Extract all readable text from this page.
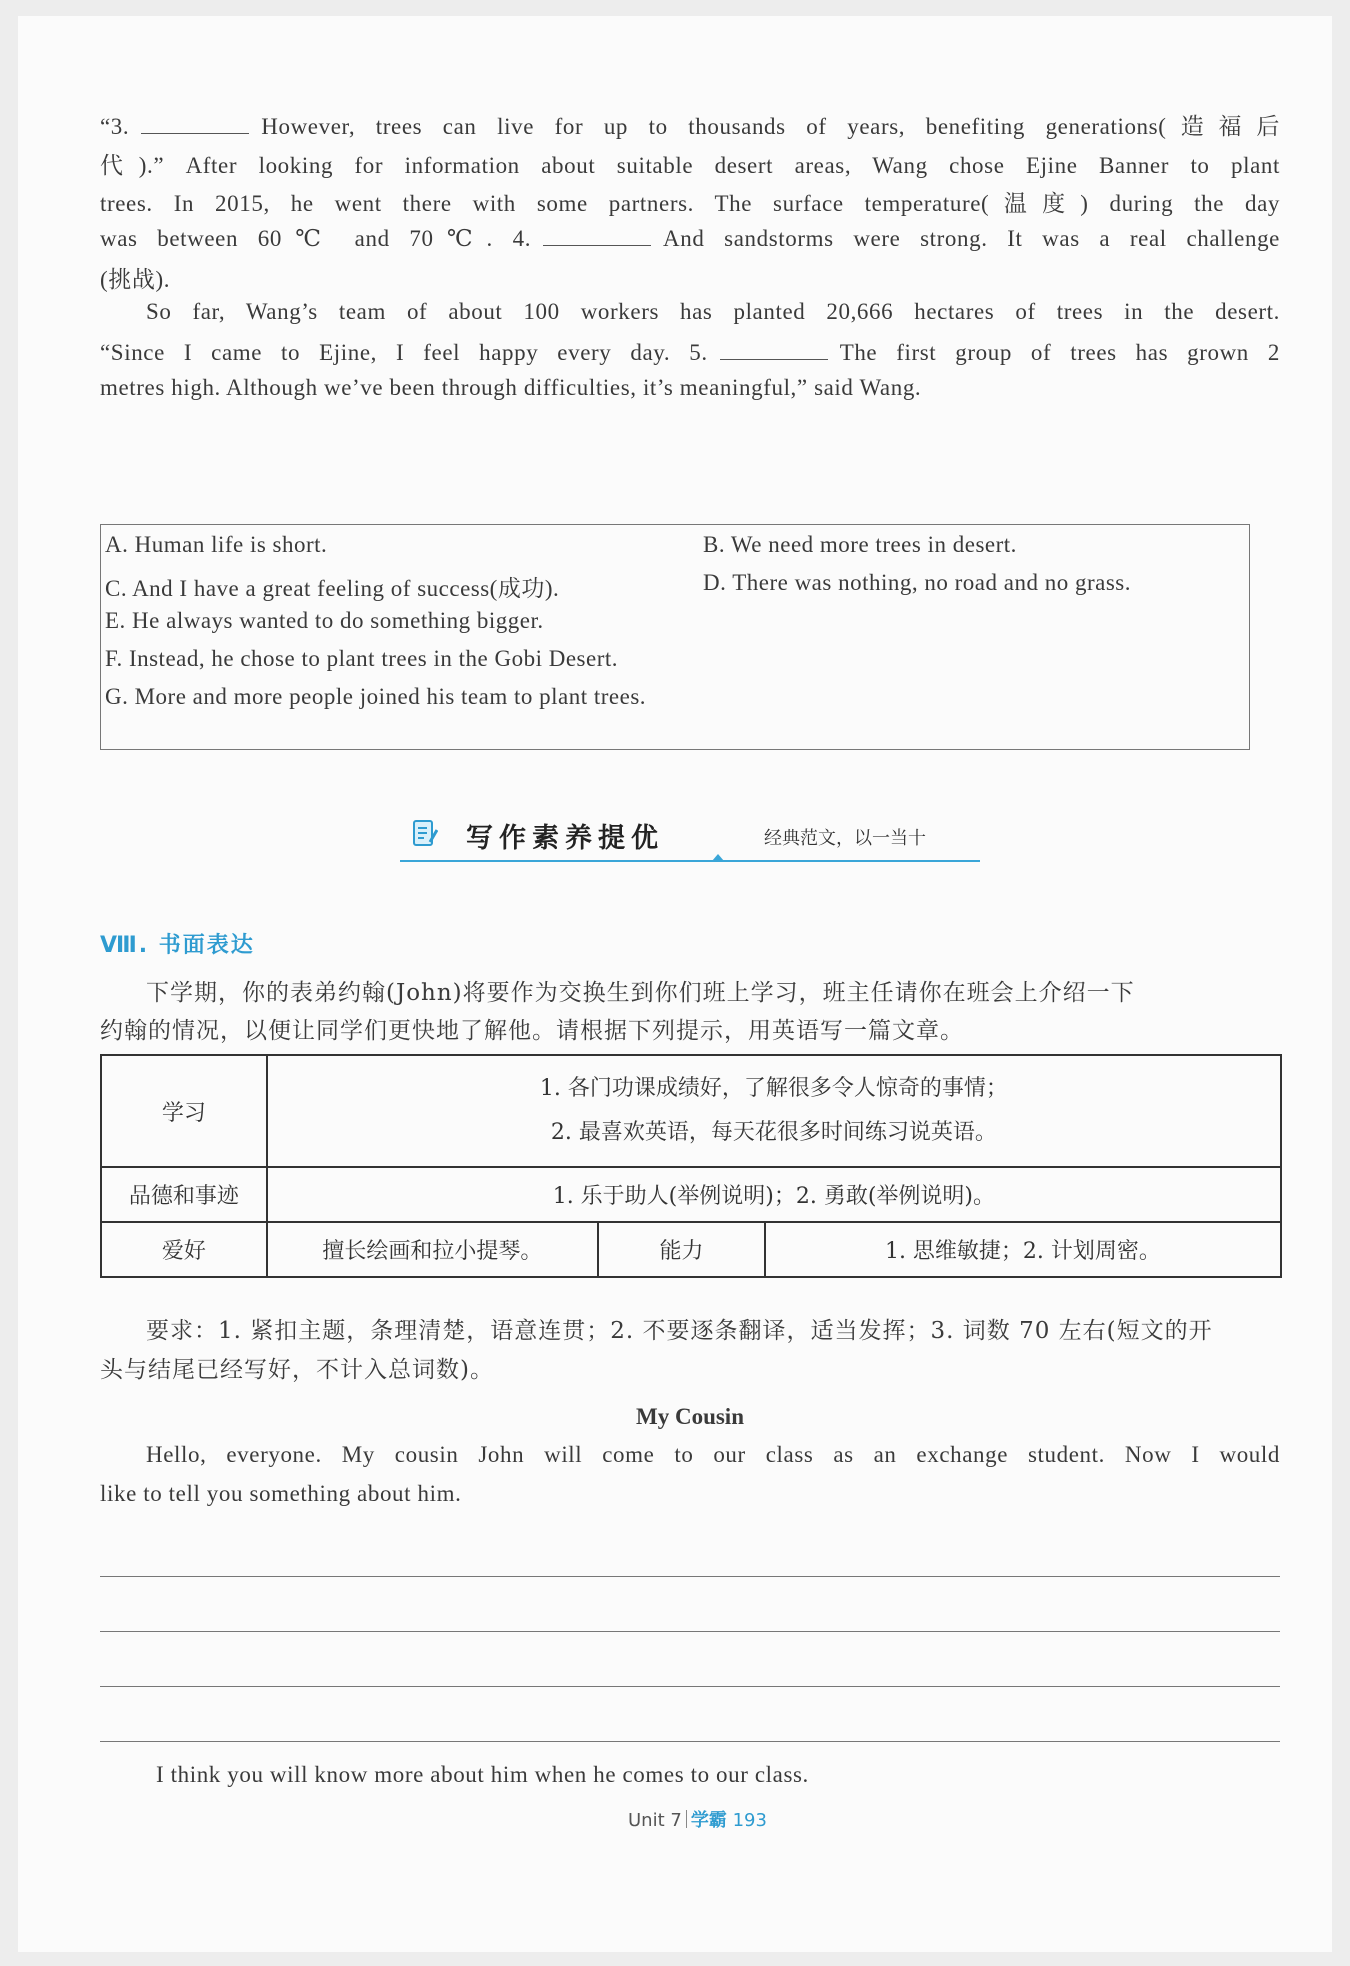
“3.	However, trees can live for up to thousands of years, benefiting generations(造福后
代).” After looking for information about suitable desert areas, Wang chose Ejine Banner to plant
trees. In 2015, he went there with some partners. The surface temperature(温度) during the day
was between 60℃ and 70℃. 4.	And sandstorms were strong. It was a real challenge
(挑战).
So far, Wang’s team of about 100 workers has planted 20,666 hectares of trees in the desert.
“Since I came to Ejine, I feel happy every day. 5.	The first group of trees has grown 2
metres high. Although we’ve been through difficulties, it’s meaningful,” said Wang.
A. Human life is short.	B. We need more trees in desert.
C. And I have a great feeling of success(成功).	D. There was nothing, no road and no grass.
E. He always wanted to do something bigger.
F. Instead, he chose to plant trees in the Gobi Desert.
G. More and more people joined his team to plant trees.
写作素养提优	经典范文，以一当十
Ⅷ. 书面表达
下学期，你的表弟约翰(John)将要作为交换生到你们班上学习，班主任请你在班会上介绍一下
约翰的情况，以便让同学们更快地了解他。请根据下列提示，用英语写一篇文章。
学习	1. 各门功课成绩好，了解很多令人惊奇的事情；
2. 最喜欢英语，每天花很多时间练习说英语。		

品德和事迹	1. 乐于助人(举例说明)；2. 勇敢(举例说明)。		
爱好	擅长绘画和拉小提琴。	能力	1. 思维敏捷；2. 计划周密。
要求：1. 紧扣主题，条理清楚，语意连贯；2. 不要逐条翻译，适当发挥；3. 词数 70 左右(短文的开
头与结尾已经写好，不计入总词数)。
My Cousin
Hello, everyone. My cousin John will come to our class as an exchange student. Now I would
like to tell you something about him.
I think you will know more about him when he comes to our class.
Unit 7 学霸 193
